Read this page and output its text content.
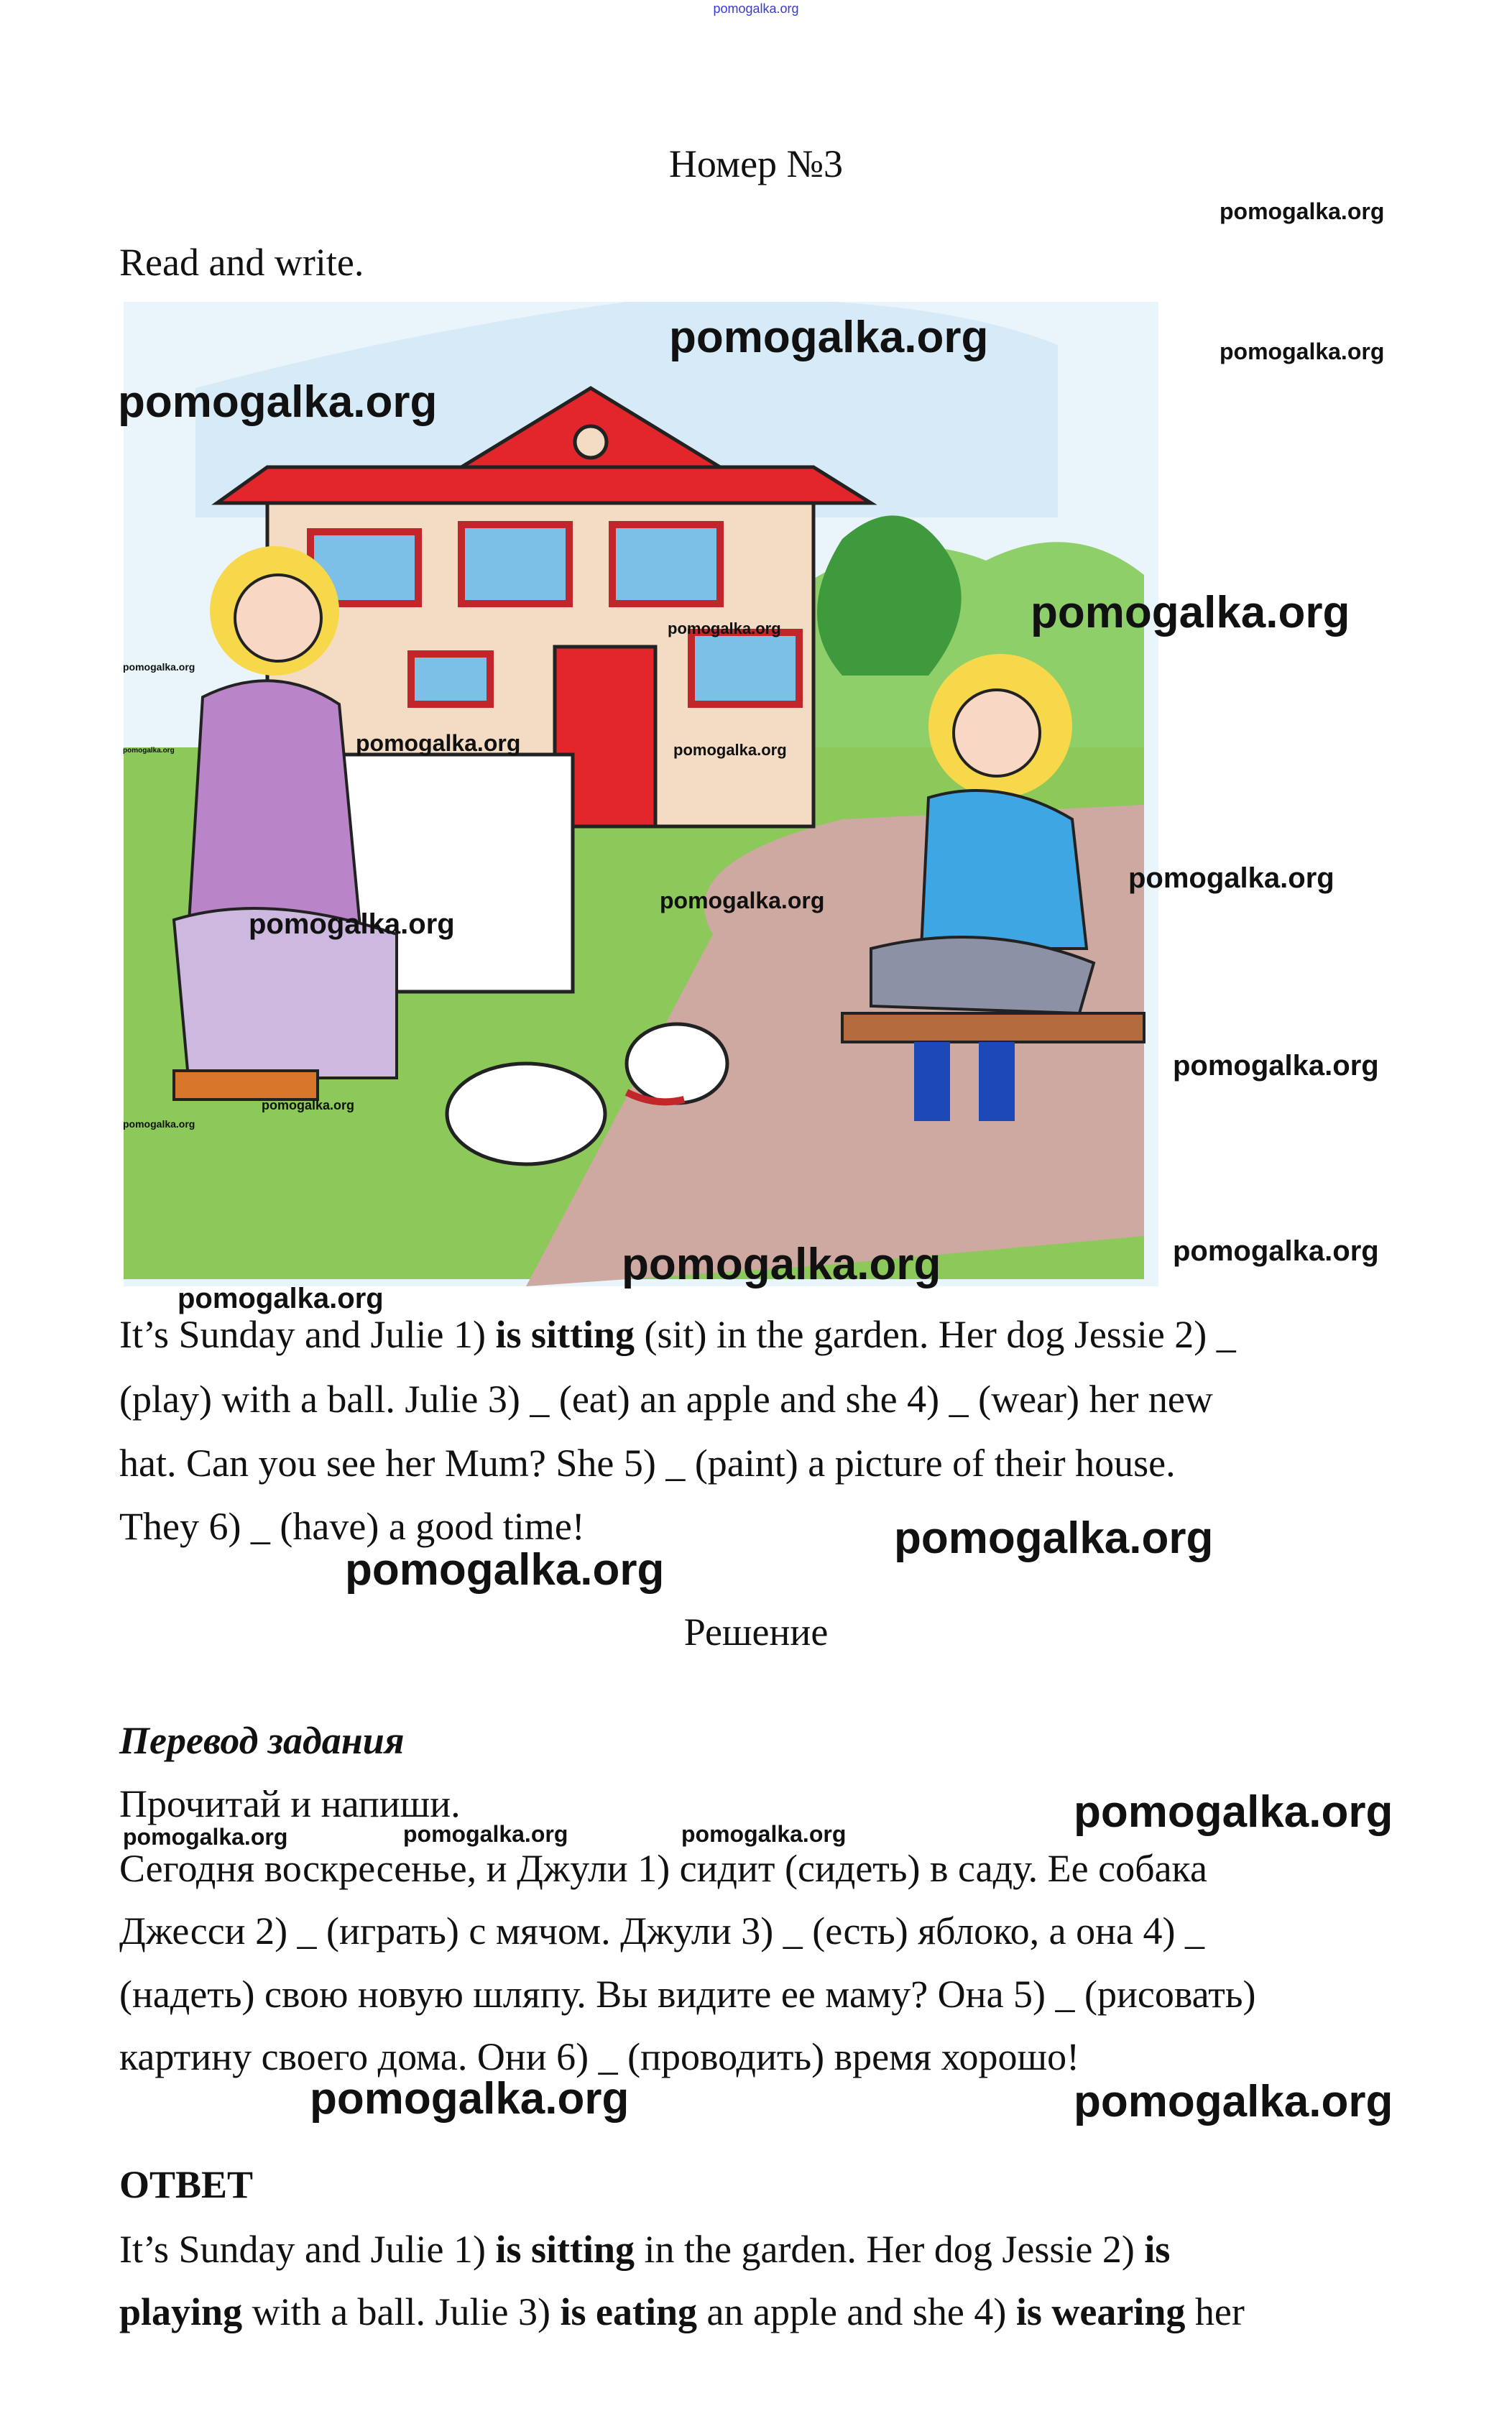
pomogalka.org
Номер №3
Read and write.
It’s Sunday and Julie 1) is sitting (sit) in the garden. Her dog Jessie 2) _
(play) with a ball. Julie 3) _ (eat) an apple and she 4) _ (wear) her new
hat. Can you see her Mum? She 5) _ (paint) a picture of their house.
They 6) _ (have) a good time!
Решение
Перевод задания
Прочитай и напиши.
Сегодня воскресенье, и Джули 1) сидит (сидеть) в саду. Ее собака
Джесси 2) _ (играть) с мячом. Джули 3) _ (есть) яблоко, а она 4) _
(надеть) свою новую шляпу. Вы видите ее маму? Она 5) _ (рисовать)
картину своего дома. Они 6) _ (проводить) время хорошо!
ОТВЕТ
It’s Sunday and Julie 1) is sitting in the garden. Her dog Jessie 2) is
playing with a ball. Julie 3) is eating an apple and she 4) is wearing her
pomogalka.org
pomogalka.org	pomogalka.org
pomogalka.org
pomogalka.org
pomogalka.org
pomogalka.org
pomogalka.org	pomogalka.org
pomogalka.org
pomogalka.org
pomogalka.org
pomogalka.org
pomogalka.org
pomogalka.org
pomogalka.org
pomogalka.org	pomogalka.org
pomogalka.org
pomogalka.org
pomogalka.org
pomogalka.org
pomogalka.org	pomogalka.org	pomogalka.org
pomogalka.org	pomogalka.org
